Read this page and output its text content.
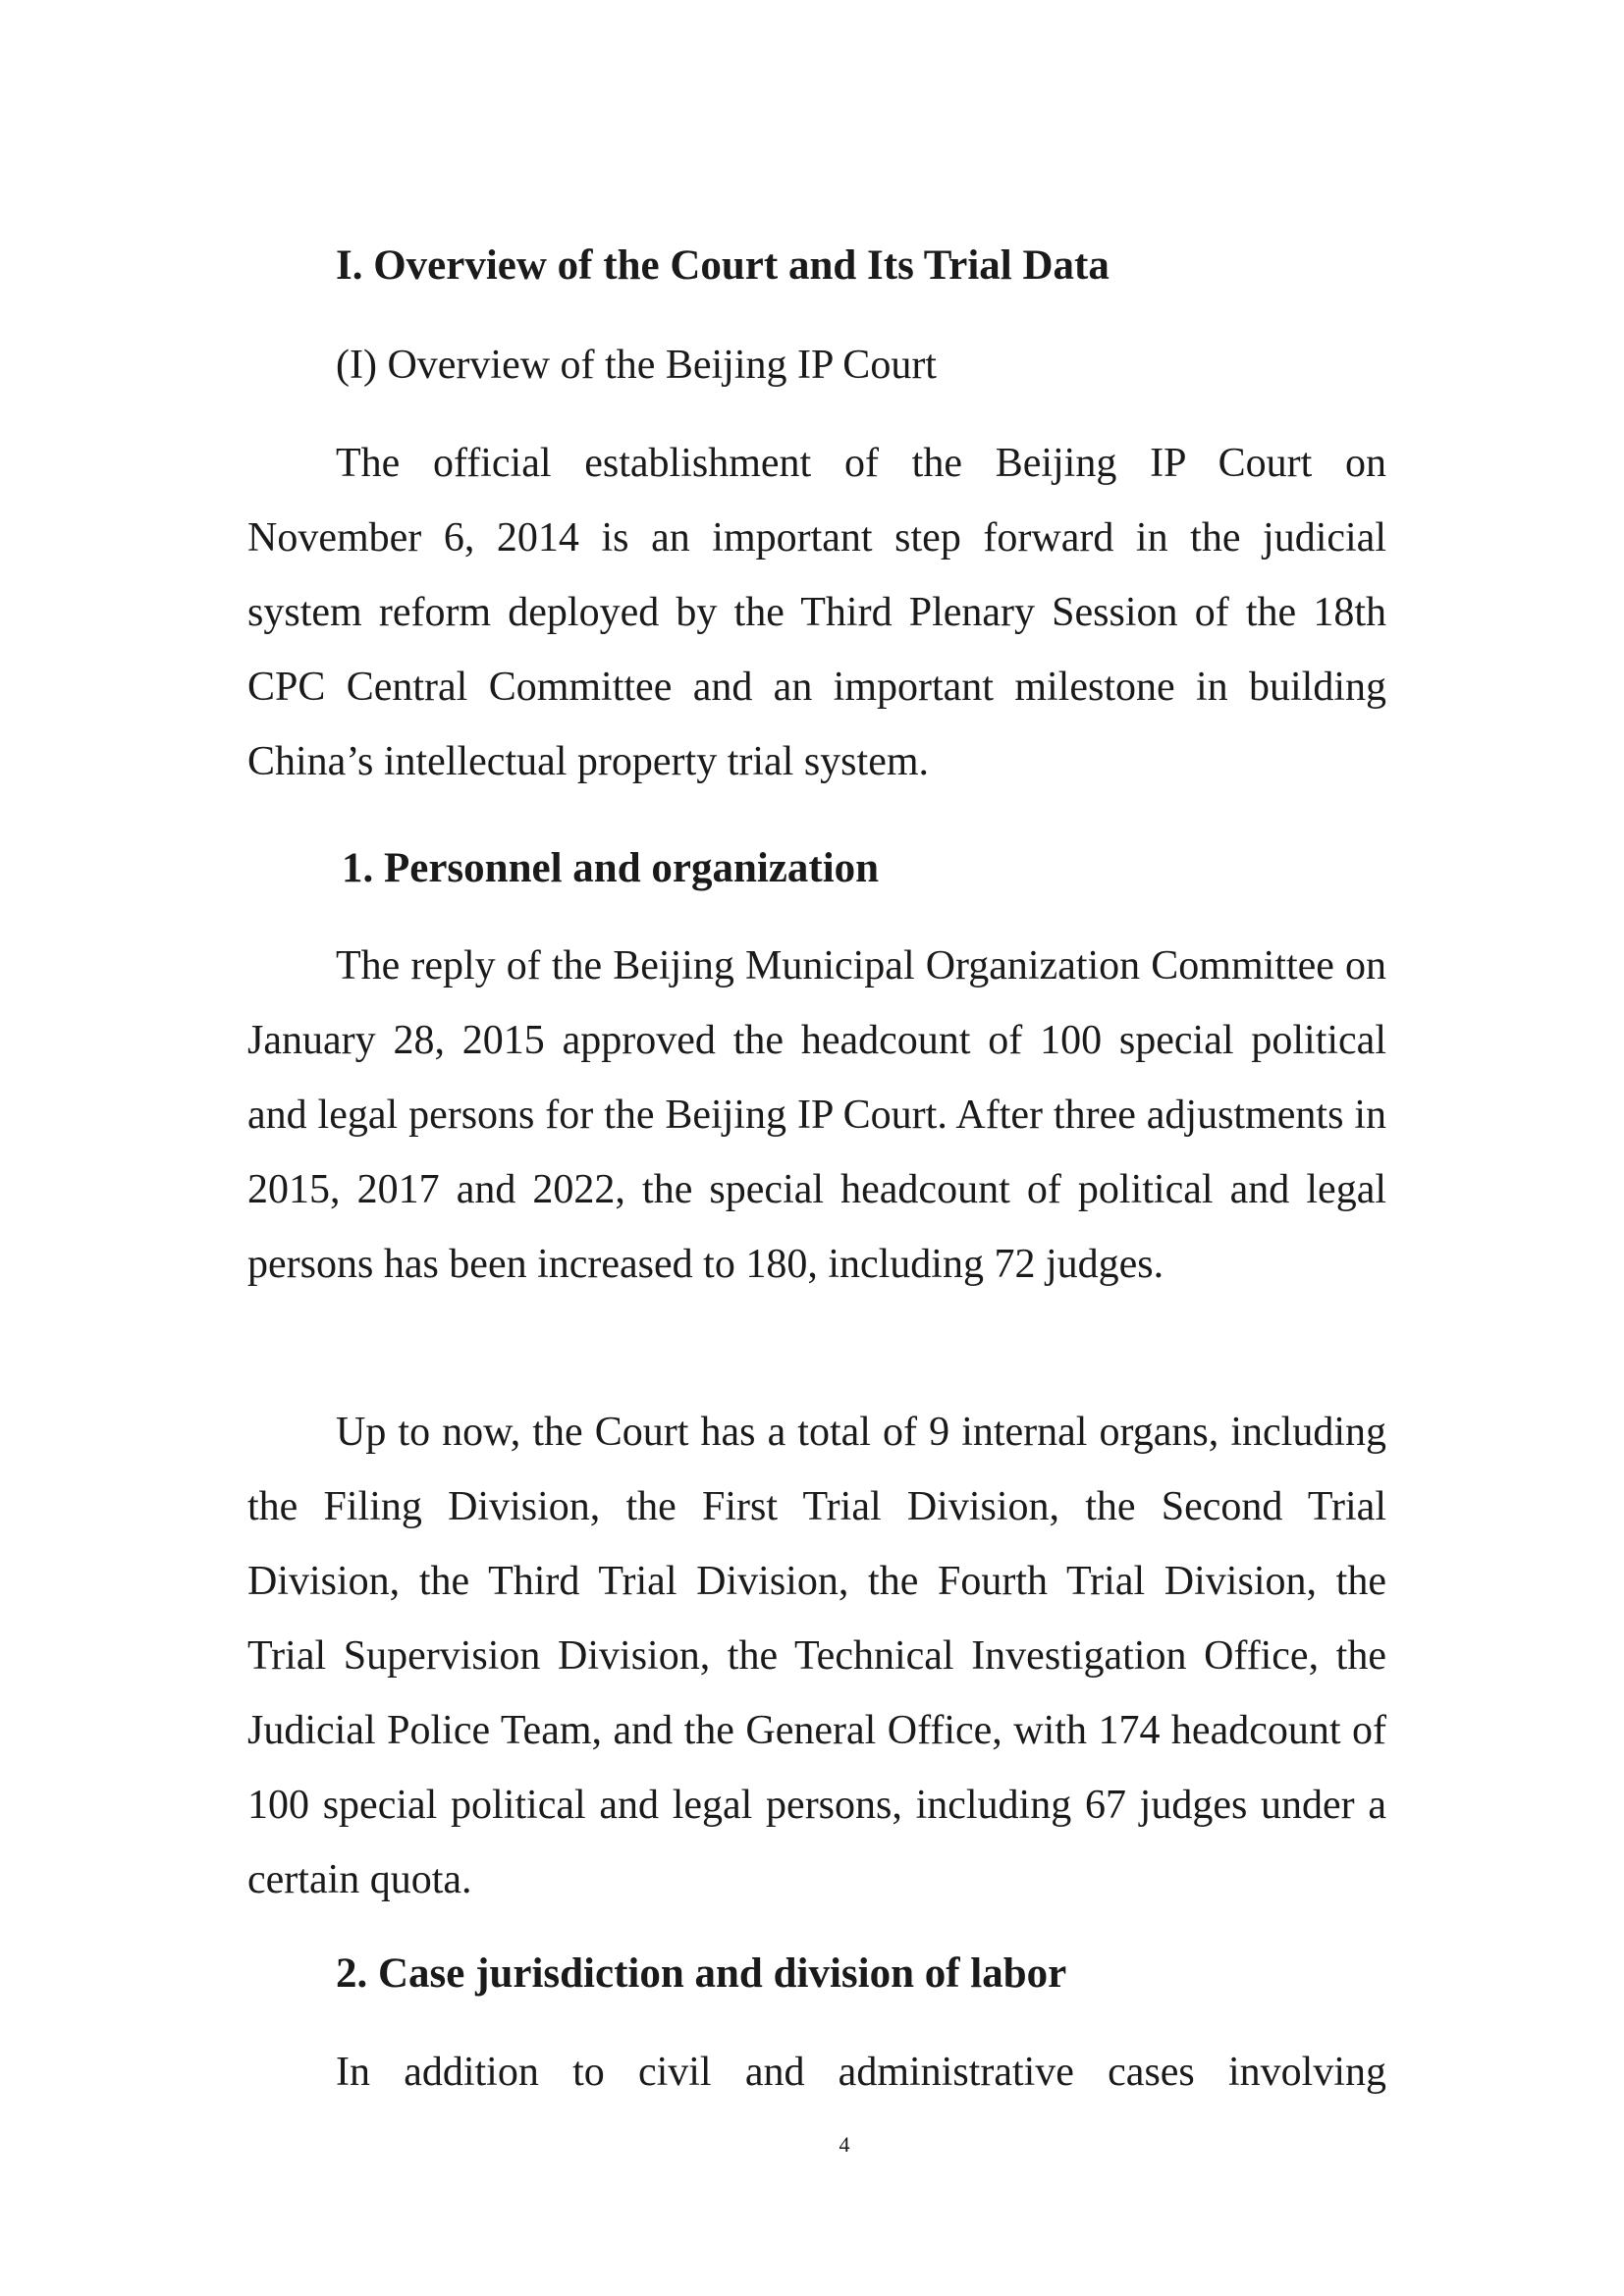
I. Overview of the Court and Its Trial Data
(I) Overview of the Beijing IP Court

The official establishment of the Beijing IP Court on November 6, 2014 is an important step forward in the judicial system reform deployed by the Third Plenary Session of the 18th CPC Central Committee and an important milestone in building China’s intellectual property trial system.

1. Personnel and organization

The reply of the Beijing Municipal Organization Committee on January 28, 2015 approved the headcount of 100 special political and legal persons for the Beijing IP Court. After three adjustments in 2015, 2017 and 2022, the special headcount of political and legal persons has been increased to 180, including 72 judges.

Up to now, the Court has a total of 9 internal organs, including the Filing Division, the First Trial Division, the Second Trial Division, the Third Trial Division, the Fourth Trial Division, the Trial Supervision Division, the Technical Investigation Office, the Judicial Police Team, and the General Office, with 174 headcount of 100 special political and legal persons, including 67 judges under a certain quota.

2. Case jurisdiction and division of labor

In addition to civil and administrative cases involving

4
